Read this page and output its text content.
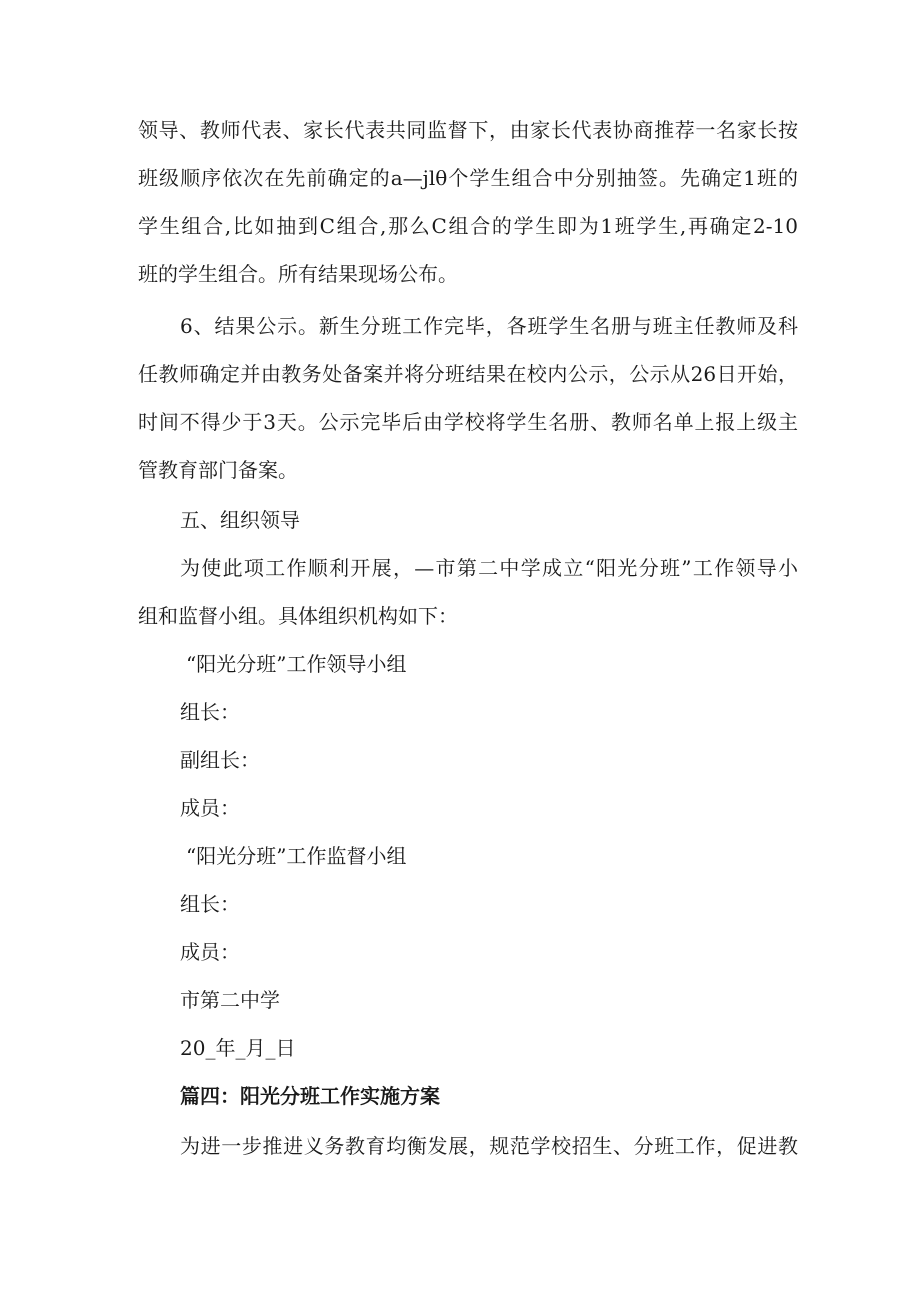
领导、教师代表、家长代表共同监督下，由家长代表协商推荐一名家长按
班级顺序依次在先前确定的a—jlθ个学生组合中分别抽签。先确定1班的
学生组合,比如抽到C组合,那么C组合的学生即为1班学生,再确定2-10
班的学生组合。所有结果现场公布。
6、结果公示。新生分班工作完毕，各班学生名册与班主任教师及科
任教师确定并由教务处备案并将分班结果在校内公示，公示从26日开始，
时间不得少于3天。公示完毕后由学校将学生名册、教师名单上报上级主
管教育部门备案。
五、组织领导
为使此项工作顺利开展，—市第二中学成立“阳光分班”工作领导小
组和监督小组。具体组织机构如下：
“阳光分班”工作领导小组
组长：
副组长：
成员：
“阳光分班”工作监督小组
组长：
成员：
市第二中学
20_年_月_日
篇四：阳光分班工作实施方案
为进一步推进义务教育均衡发展，规范学校招生、分班工作，促进教
